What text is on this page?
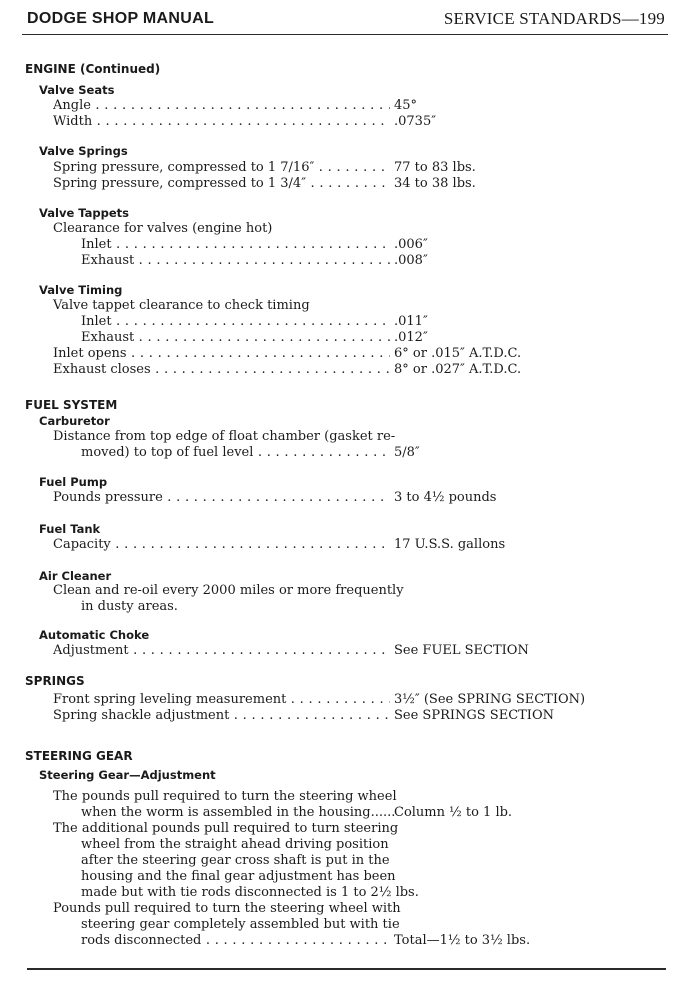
DODGE SHOP MANUAL	SERVICE STANDARDS—199
ENGINE (Continued)
Valve Seats
Angle . . .	45°
Width . . .	.0735″
Valve Springs
Spring pressure, compressed to 1 7/16″ . . .	77 to 83 lbs.
Spring pressure, compressed to 1 3/4″ . . .	34 to 38 lbs.
Valve Tappets
Clearance for valves (engine hot)
Inlet . . .	.006″
Exhaust . . .	.008″
Valve Timing
Valve tappet clearance to check timing
Inlet . . .	.011″
Exhaust . . .	.012″
Inlet opens . . .	6° or .015″ A.T.D.C.
Exhaust closes . . .	8° or .027″ A.T.D.C.
FUEL SYSTEM
Carburetor
Distance from top edge of float chamber (gasket re-
moved) to top of fuel level . . .	5/8″
Fuel Pump
Pounds pressure . . .	3 to 4½ pounds
Fuel Tank
Capacity . . .	17 U.S.S. gallons
Air Cleaner
Clean and re-oil every 2000 miles or more frequently
in dusty areas.
Automatic Choke
Adjustment . . .	See FUEL SECTION
SPRINGS
Front spring leveling measurement . . .	3½″ (See SPRING SECTION)
Spring shackle adjustment . . .	See SPRINGS SECTION
STEERING GEAR
Steering Gear—Adjustment
The pounds pull required to turn the steering wheel
when the worm is assembled in the housing......
Column ½ to 1 lb.
The additional pounds pull required to turn steering
wheel from the straight ahead driving position
after the steering gear cross shaft is put in the
housing and the final gear adjustment has been
made but with tie rods disconnected is 1 to 2½ lbs.
Pounds pull required to turn the steering wheel with
steering gear completely assembled but with tie
rods disconnected . . .	Total—1½ to 3½ lbs.
